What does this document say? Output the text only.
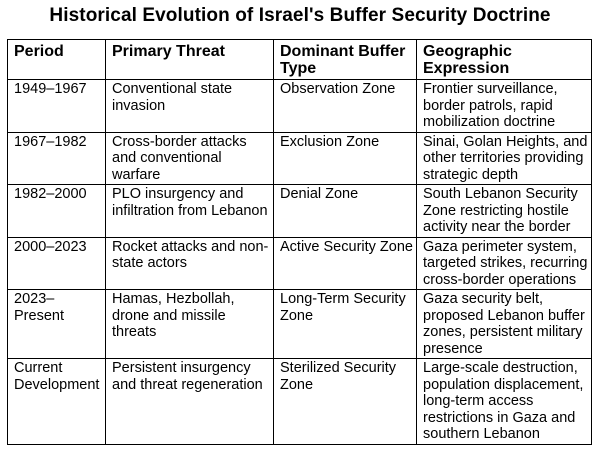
Historical Evolution of Israel's Buffer Security Doctrine
Period	Primary Threat	Dominant Buffer Type	Geographic Expression
1949–1967	Conventional state invasion	Observation Zone	Frontier surveillance, border patrols, rapid mobilization doctrine
1967–1982	Cross-border attacks and conventional warfare	Exclusion Zone	Sinai, Golan Heights, and other territories providing strategic depth
1982–2000	PLO insurgency and infiltration from Lebanon	Denial Zone	South Lebanon Security Zone restricting hostile activity near the border
2000–2023	Rocket attacks and non-state actors	Active Security Zone	Gaza perimeter system, targeted strikes, recurring cross-border operations
2023–Present	Hamas, Hezbollah, drone and missile threats	Long-Term Security Zone	Gaza security belt, proposed Lebanon buffer zones, persistent military presence
Current Development	Persistent insurgency and threat regeneration	Sterilized Security Zone	Large-scale destruction, population displacement, long-term access restrictions in Gaza and southern Lebanon
